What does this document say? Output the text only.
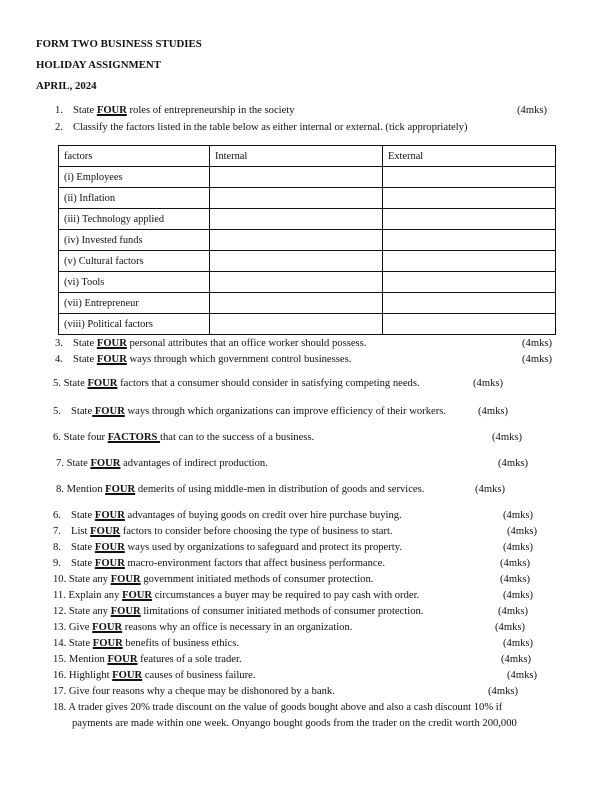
FORM TWO BUSINESS STUDIES
HOLIDAY ASSIGNMENT
APRIL, 2024
1. State FOUR roles of entrepreneurship in the society	(4mks)
2. Classify the factors listed in the table below as either internal or external. (tick appropriately)
factors	Internal	External
(i) Employees		
(ii) Inflation		
(iii) Technology applied		
(iv) Invested funds		
(v) Cultural factors		
(vi) Tools		
(vii) Entrepreneur		
(viii) Political factors		
3. State FOUR personal attributes that an office worker should possess.	(4mks)
4. State FOUR ways through which government control businesses.	(4mks)
5. State FOUR factors that a consumer should consider in satisfying competing needs.	(4mks)
5. State FOUR ways through which organizations can improve efficiency of their workers.	(4mks)
6. State four FACTORS that can to the success of a business.	(4mks)
7. State FOUR advantages of indirect production.	(4mks)
8. Mention FOUR demerits of using middle-men in distribution of goods and services.	(4mks)
6. State FOUR advantages of buying goods on credit over hire purchase buying.	(4mks)
7. List FOUR factors to consider before choosing the type of business to start.	(4mks)
8. State FOUR ways used by organizations to safeguard and protect its property.	(4mks)
9. State FOUR macro-environment factors that affect business performance.	(4mks)
10. State any FOUR government initiated methods of consumer protection.	(4mks)
11. Explain any FOUR circumstances a buyer may be required to pay cash with order.	(4mks)
12. State any FOUR limitations of consumer initiated methods of consumer protection.	(4mks)
13. Give FOUR reasons why an office is necessary in an organization.	(4mks)
14. State FOUR benefits of business ethics.	(4mks)
15. Mention FOUR features of a sole trader.	(4mks)
16. Highlight FOUR causes of business failure.	(4mks)
17. Give four reasons why a cheque may be dishonored by a bank.	(4mks)
18. A trader gives 20% trade discount on the value of goods bought above and also a cash discount 10% if
payments are made within one week. Onyango bought goods from the trader on the credit worth 200,000
